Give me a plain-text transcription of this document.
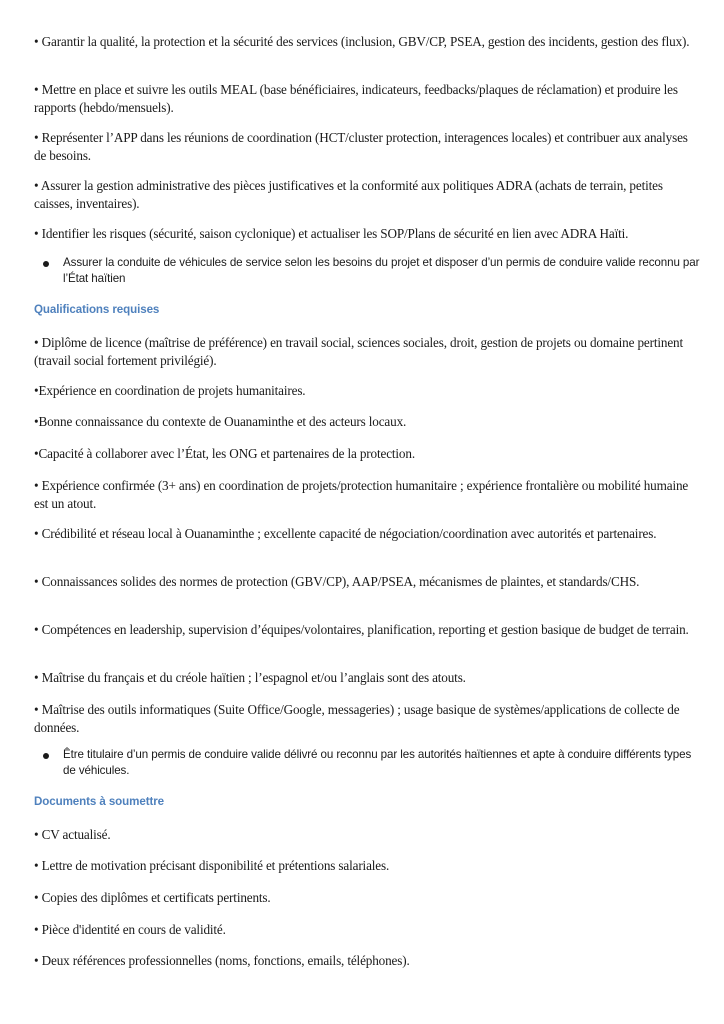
• Garantir la qualité, la protection et la sécurité des services (inclusion, GBV/CP, PSEA, gestion des incidents, gestion des flux).
• Mettre en place et suivre les outils MEAL (base bénéficiaires, indicateurs, feedbacks/plaques de réclamation) et produire les rapports (hebdo/mensuels).
• Représenter l’APP dans les réunions de coordination (HCT/cluster protection, interagences locales) et contribuer aux analyses de besoins.
• Assurer la gestion administrative des pièces justificatives et la conformité aux politiques ADRA (achats de terrain, petites caisses, inventaires).
• Identifier les risques (sécurité, saison cyclonique) et actualiser les SOP/Plans de sécurité en lien avec ADRA Haïti.
Assurer la conduite de véhicules de service selon les besoins du projet et disposer d’un permis de conduire valide reconnu par l’État haïtien
Qualifications requises
• Diplôme de licence (maîtrise de préférence) en travail social, sciences sociales, droit, gestion de projets ou domaine pertinent (travail social fortement privilégié).
•Expérience en coordination de projets humanitaires.
•Bonne connaissance du contexte de Ouanaminthe et des acteurs locaux.
•Capacité à collaborer avec l’État, les ONG et partenaires de la protection.
• Expérience confirmée (3+ ans) en coordination de projets/protection humanitaire ; expérience frontalière ou mobilité humaine est un atout.
• Crédibilité et réseau local à Ouanaminthe ; excellente capacité de négociation/coordination avec autorités et partenaires.
• Connaissances solides des normes de protection (GBV/CP), AAP/PSEA, mécanismes de plaintes, et standards/CHS.
• Compétences en leadership, supervision d’équipes/volontaires, planification, reporting et gestion basique de budget de terrain.
• Maîtrise du français et du créole haïtien ; l’espagnol et/ou l’anglais sont des atouts.
• Maîtrise des outils informatiques (Suite Office/Google, messageries) ; usage basique de systèmes/applications de collecte de données.
Être titulaire d’un permis de conduire valide délivré ou reconnu par les autorités haïtiennes et apte à conduire différents types de véhicules.
Documents à soumettre
• CV actualisé.
• Lettre de motivation précisant disponibilité et prétentions salariales.
• Copies des diplômes et certificats pertinents.
• Pièce d'identité en cours de validité.
• Deux références professionnelles (noms, fonctions, emails, téléphones).
